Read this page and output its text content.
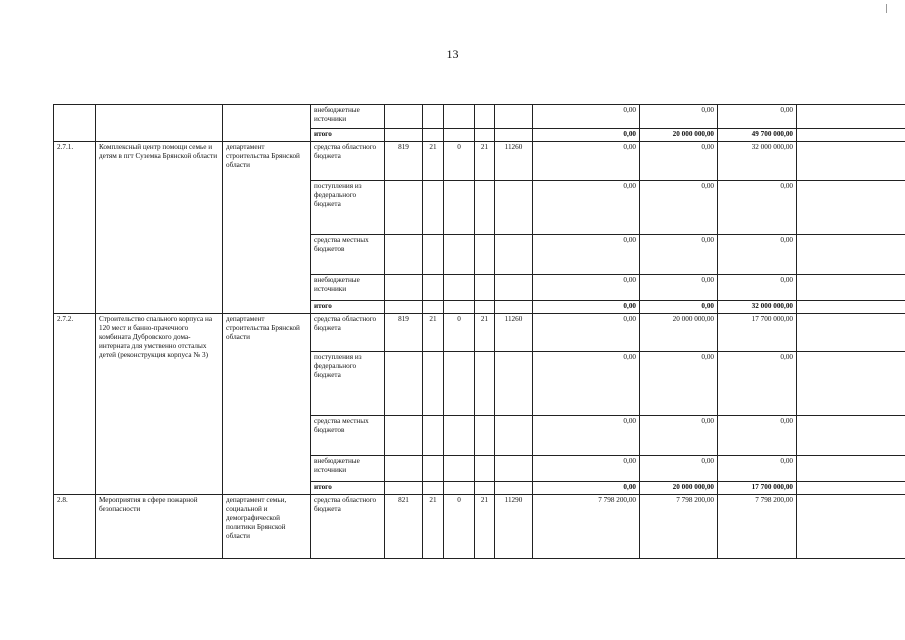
13
			внебюджетные источники						0,00	0,00	0,00	
			итого						0,00	20 000 000,00	49 700 000,00	
2.7.1.	Комплексный центр помощи семье и детям в пгт Суземка Брянской области	департамент строительства Брянской области	средства областного бюджета	819	21	0	21	11260	0,00	0,00	32 000 000,00	
			поступления из федерального бюджета						0,00	0,00	0,00	
			средства местных бюджетов						0,00	0,00	0,00	
			внебюджетные источники						0,00	0,00	0,00	
			итого						0,00	0,00	32 000 000,00	
2.7.2.	Строительство спального корпуса на 120 мест и банно-прачечного комбината Дубровского дома-интерната для умственно отсталых детей (реконструкция корпуса № 3)	департамент строительства Брянской области	средства областного бюджета	819	21	0	21	11260	0,00	20 000 000,00	17 700 000,00	
			поступления из федерального бюджета						0,00	0,00	0,00	
			средства местных бюджетов						0,00	0,00	0,00	
			внебюджетные источники						0,00	0,00	0,00	
			итого						0,00	20 000 000,00	17 700 000,00	
2.8.	Мероприятия в сфере пожарной безопасности	департамент семьи, социальной и демографической политики Брянской области	средства областного бюджета	821	21	0	21	11290	7 798 200,00	7 798 200,00	7 798 200,00	
